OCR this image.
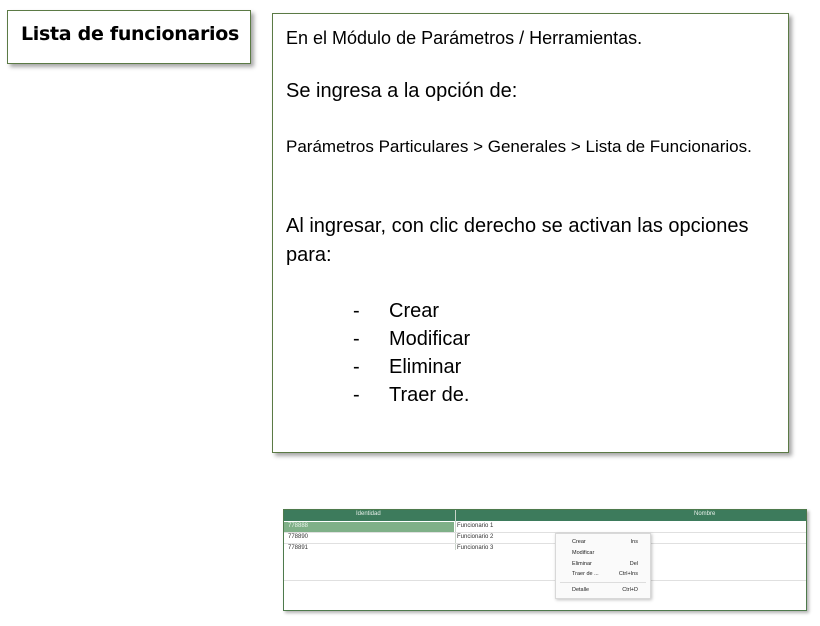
Lista de funcionarios	En el Módulo de Parámetros / Herramientas.

Se ingresa a la opción de:

Parámetros Particulares > Generales > Lista de Funcionarios.

Al ingresar, con clic derecho se activan las opciones para:

- Crear
- Modificar
- Eliminar
- Traer de.
Identidad	Nombre
778888	Funcionario 1
778890	Funcionario 2
778891	Funcionario 3
Crear	Ins
Modificar
Eliminar	Del
Traer de ...	Ctrl+Ins
Detalle	Ctrl+D
